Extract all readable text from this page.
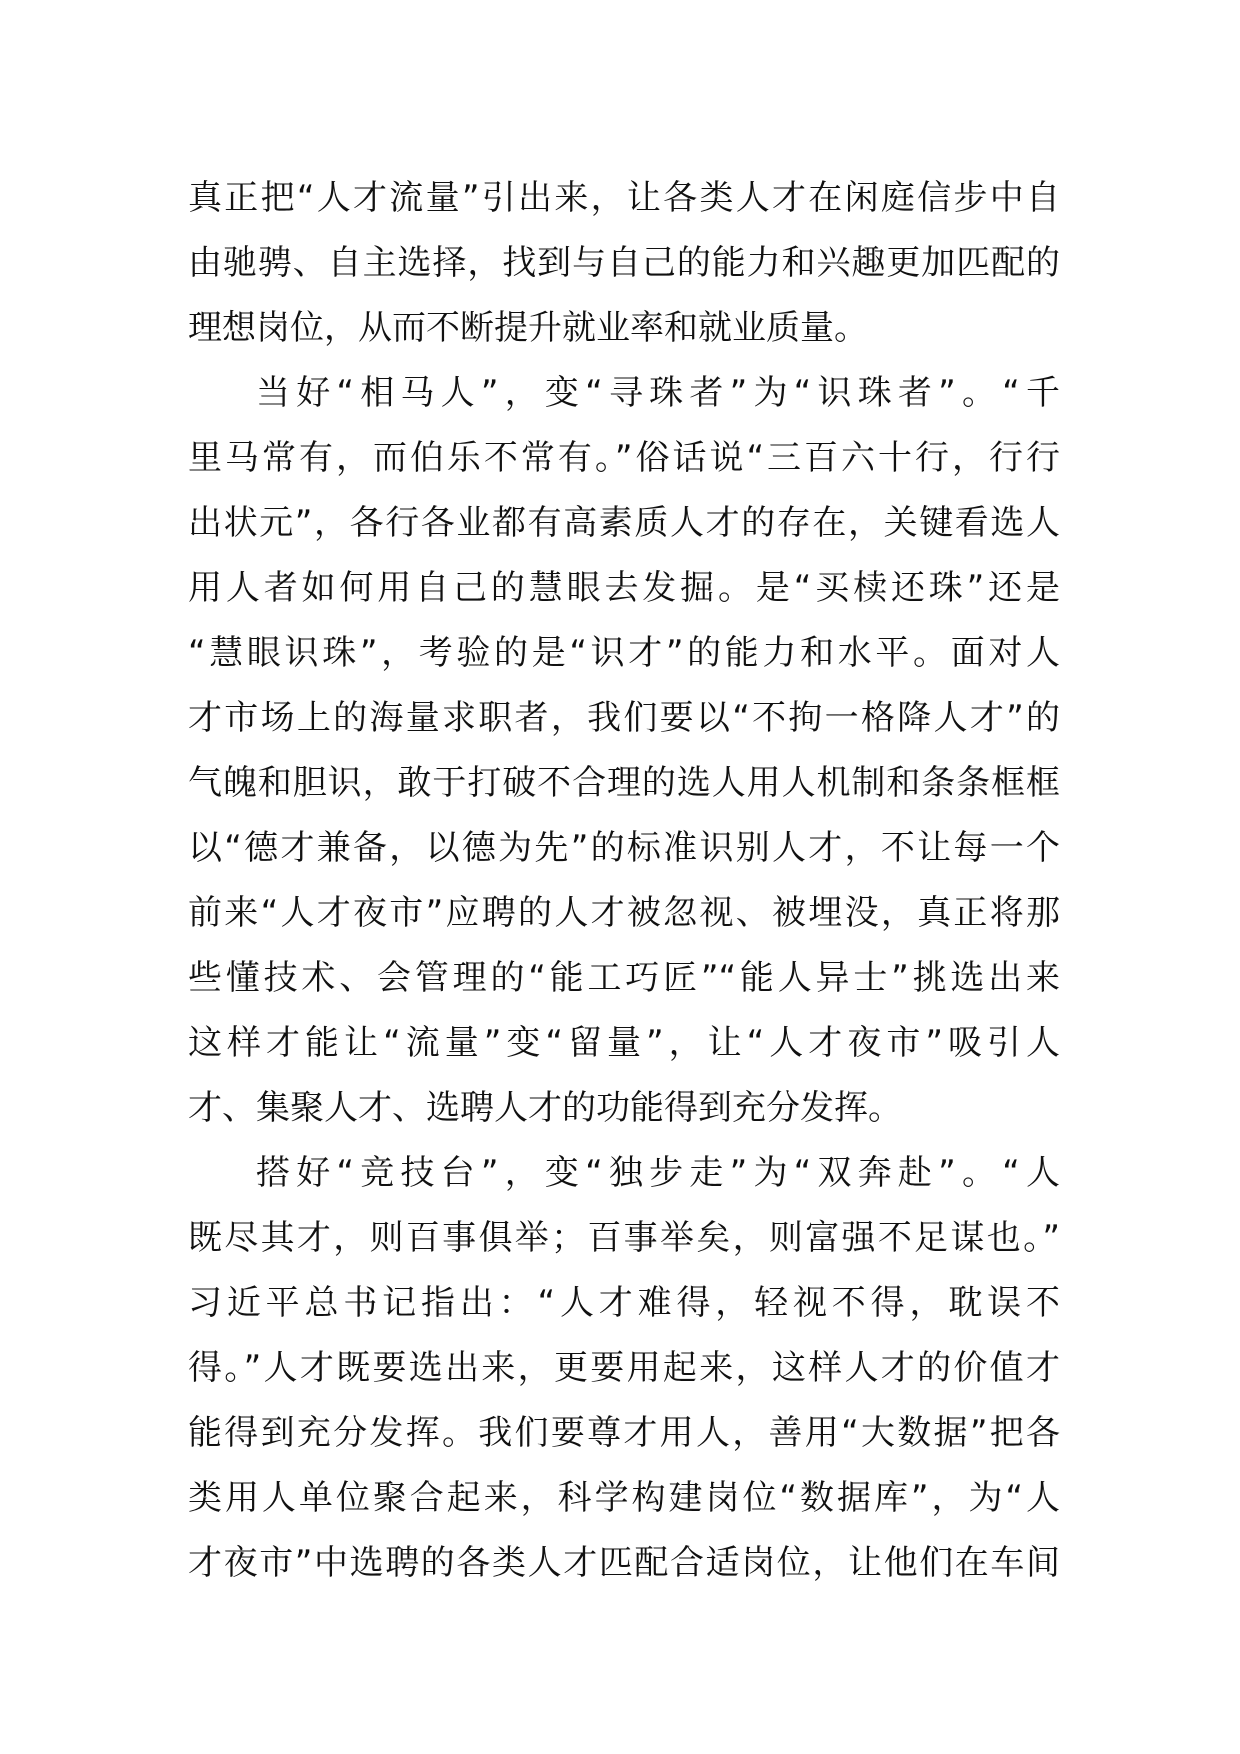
真正把“人才流量”引出来，让各类人才在闲庭信步中自
由驰骋、自主选择，找到与自己的能力和兴趣更加匹配的
理想岗位，从而不断提升就业率和就业质量。
当好“相马人”，变“寻珠者”为“识珠者”。“千
里马常有，而伯乐不常有。”俗话说“三百六十行，行行
出状元”，各行各业都有高素质人才的存在，关键看选人
用人者如何用自己的慧眼去发掘。是“买椟还珠”还是
“慧眼识珠”，考验的是“识才”的能力和水平。面对人
才市场上的海量求职者，我们要以“不拘一格降人才”的
气魄和胆识，敢于打破不合理的选人用人机制和条条框框
以“德才兼备，以德为先”的标准识别人才，不让每一个
前来“人才夜市”应聘的人才被忽视、被埋没，真正将那
些懂技术、会管理的“能工巧匠”“能人异士”挑选出来
这样才能让“流量”变“留量”，让“人才夜市”吸引人
才、集聚人才、选聘人才的功能得到充分发挥。
搭好“竞技台”，变“独步走”为“双奔赴”。“人
既尽其才，则百事俱举；百事举矣，则富强不足谋也。”
习近平总书记指出：“人才难得，轻视不得，耽误不
得。”人才既要选出来，更要用起来，这样人才的价值才
能得到充分发挥。我们要尊才用人，善用“大数据”把各
类用人单位聚合起来，科学构建岗位“数据库”，为“人
才夜市”中选聘的各类人才匹配合适岗位，让他们在车间
